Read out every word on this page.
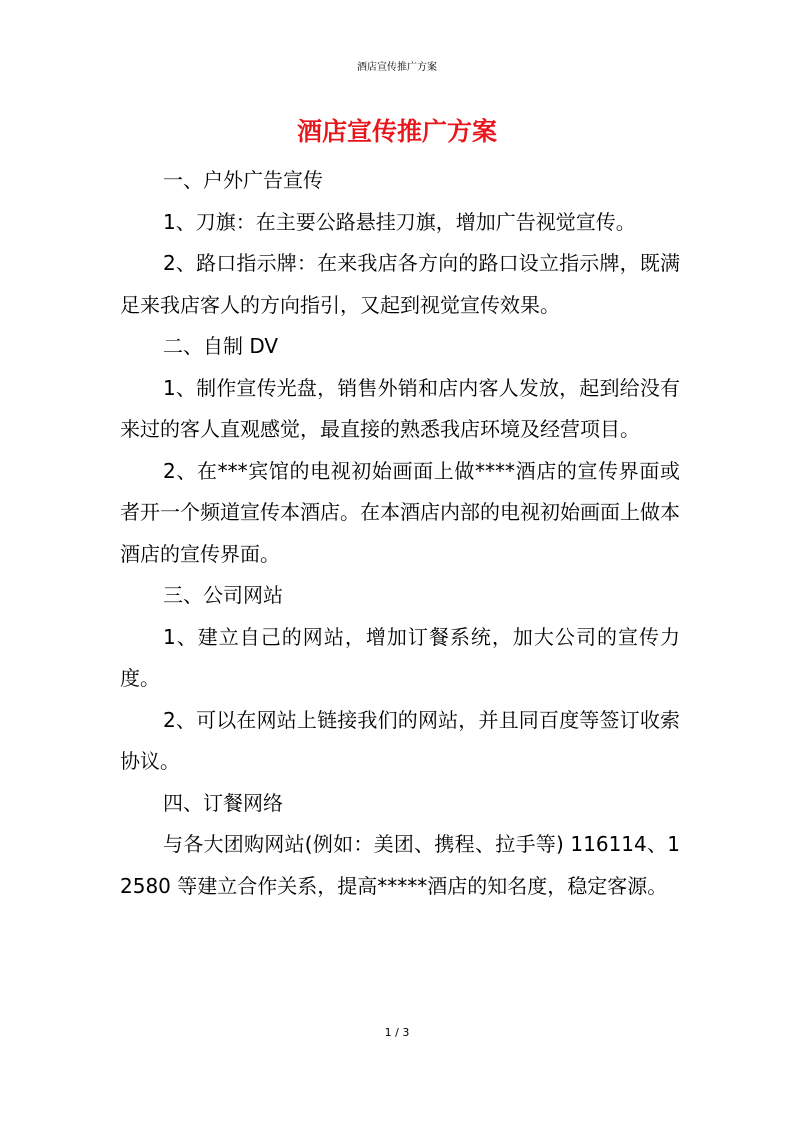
酒店宣传推广方案
酒店宣传推广方案

一、户外广告宣传

1、刀旗：在主要公路悬挂刀旗，增加广告视觉宣传。

2、路口指示牌：在来我店各方向的路口设立指示牌，既满足来我店客人的方向指引，又起到视觉宣传效果。

二、自制 DV

1、制作宣传光盘，销售外销和店内客人发放，起到给没有来过的客人直观感觉，最直接的熟悉我店环境及经营项目。

2、在***宾馆的电视初始画面上做****酒店的宣传界面或者开一个频道宣传本酒店。在本酒店内部的电视初始画面上做本酒店的宣传界面。

三、公司网站

1、建立自己的网站，增加订餐系统，加大公司的宣传力度。

2、可以在网站上链接我们的网站，并且同百度等签订收索协议。

四、订餐网络

与各大团购网站(例如：美团、携程、拉手等) 116114、12580 等建立合作关系，提高*****酒店的知名度，稳定客源。

1 / 3
